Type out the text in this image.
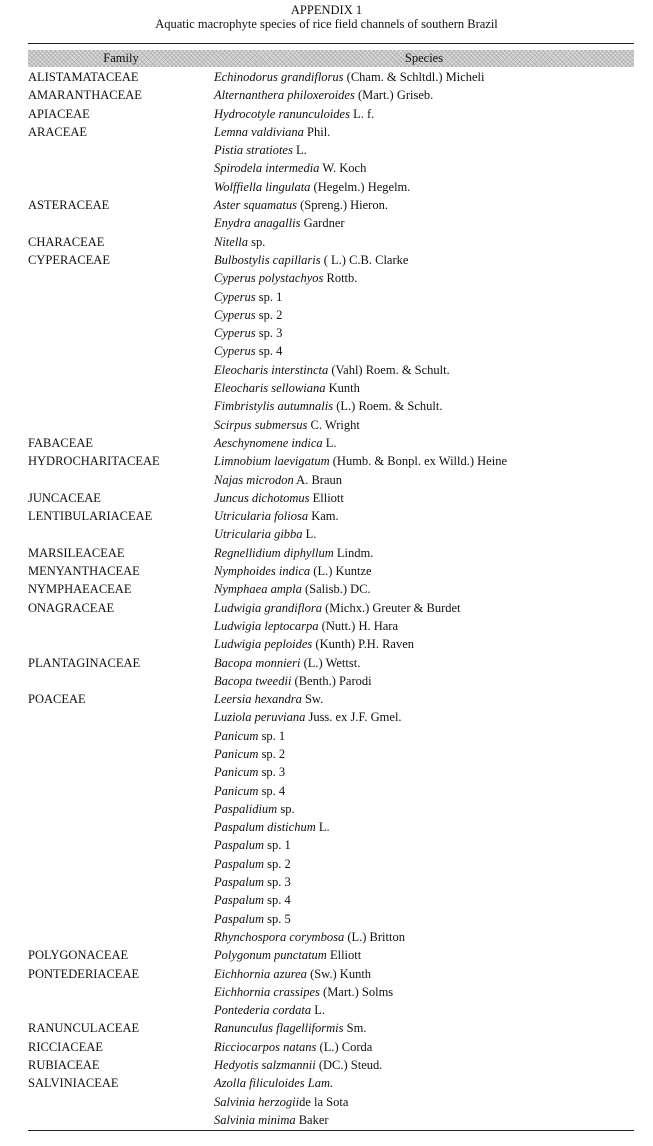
APPENDIX 1
Aquatic macrophyte species of rice field channels of southern Brazil
Family	Species
ALISTAMATACEAE	Echinodorus grandiflorus (Cham. & Schltdl.) Micheli
AMARANTHACEAE	Alternanthera philoxeroides (Mart.) Griseb.
APIACEAE	Hydrocotyle ranunculoides L. f.
ARACEAE	Lemna valdiviana Phil.
Pistia stratiotes L.
Spirodela intermedia W. Koch
Wolffiella lingulata (Hegelm.) Hegelm.
ASTERACEAE	Aster squamatus (Spreng.) Hieron.
Enydra anagallis Gardner
CHARACEAE	Nitella sp.
CYPERACEAE	Bulbostylis capillaris ( L.) C.B. Clarke
Cyperus polystachyos Rottb.
Cyperus sp. 1
Cyperus sp. 2
Cyperus sp. 3
Cyperus sp. 4
Eleocharis interstincta (Vahl) Roem. & Schult.
Eleocharis sellowiana Kunth
Fimbristylis autumnalis (L.) Roem. & Schult.
Scirpus submersus C. Wright
FABACEAE	Aeschynomene indica L.
HYDROCHARITACEAE	Limnobium laevigatum (Humb. & Bonpl. ex Willd.) Heine
Najas microdon A. Braun
JUNCACEAE	Juncus dichotomus Elliott
LENTIBULARIACEAE	Utricularia foliosa Kam.
Utricularia gibba L.
MARSILEACEAE	Regnellidium diphyllum Lindm.
MENYANTHACEAE	Nymphoides indica (L.) Kuntze
NYMPHAEACEAE	Nymphaea ampla (Salisb.) DC.
ONAGRACEAE	Ludwigia grandiflora (Michx.) Greuter & Burdet
Ludwigia leptocarpa (Nutt.) H. Hara
Ludwigia peploides (Kunth) P.H. Raven
PLANTAGINACEAE	Bacopa monnieri (L.) Wettst.
Bacopa tweedii (Benth.) Parodi
POACEAE	Leersia hexandra Sw.
Luziola peruviana Juss. ex J.F. Gmel.
Panicum sp. 1
Panicum sp. 2
Panicum sp. 3
Panicum sp. 4
Paspalidium sp.
Paspalum distichum L.
Paspalum sp. 1
Paspalum sp. 2
Paspalum sp. 3
Paspalum sp. 4
Paspalum sp. 5
Rhynchospora corymbosa (L.) Britton
POLYGONACEAE	Polygonum punctatum Elliott
PONTEDERIACEAE	Eichhornia azurea (Sw.) Kunth
Eichhornia crassipes (Mart.) Solms
Pontederia cordata L.
RANUNCULACEAE	Ranunculus flagelliformis Sm.
RICCIACEAE	Ricciocarpos natans (L.) Corda
RUBIACEAE	Hedyotis salzmannii (DC.) Steud.
SALVINIACEAE	Azolla filiculoides Lam.
Salvinia herzogiide la Sota
Salvinia minima Baker
